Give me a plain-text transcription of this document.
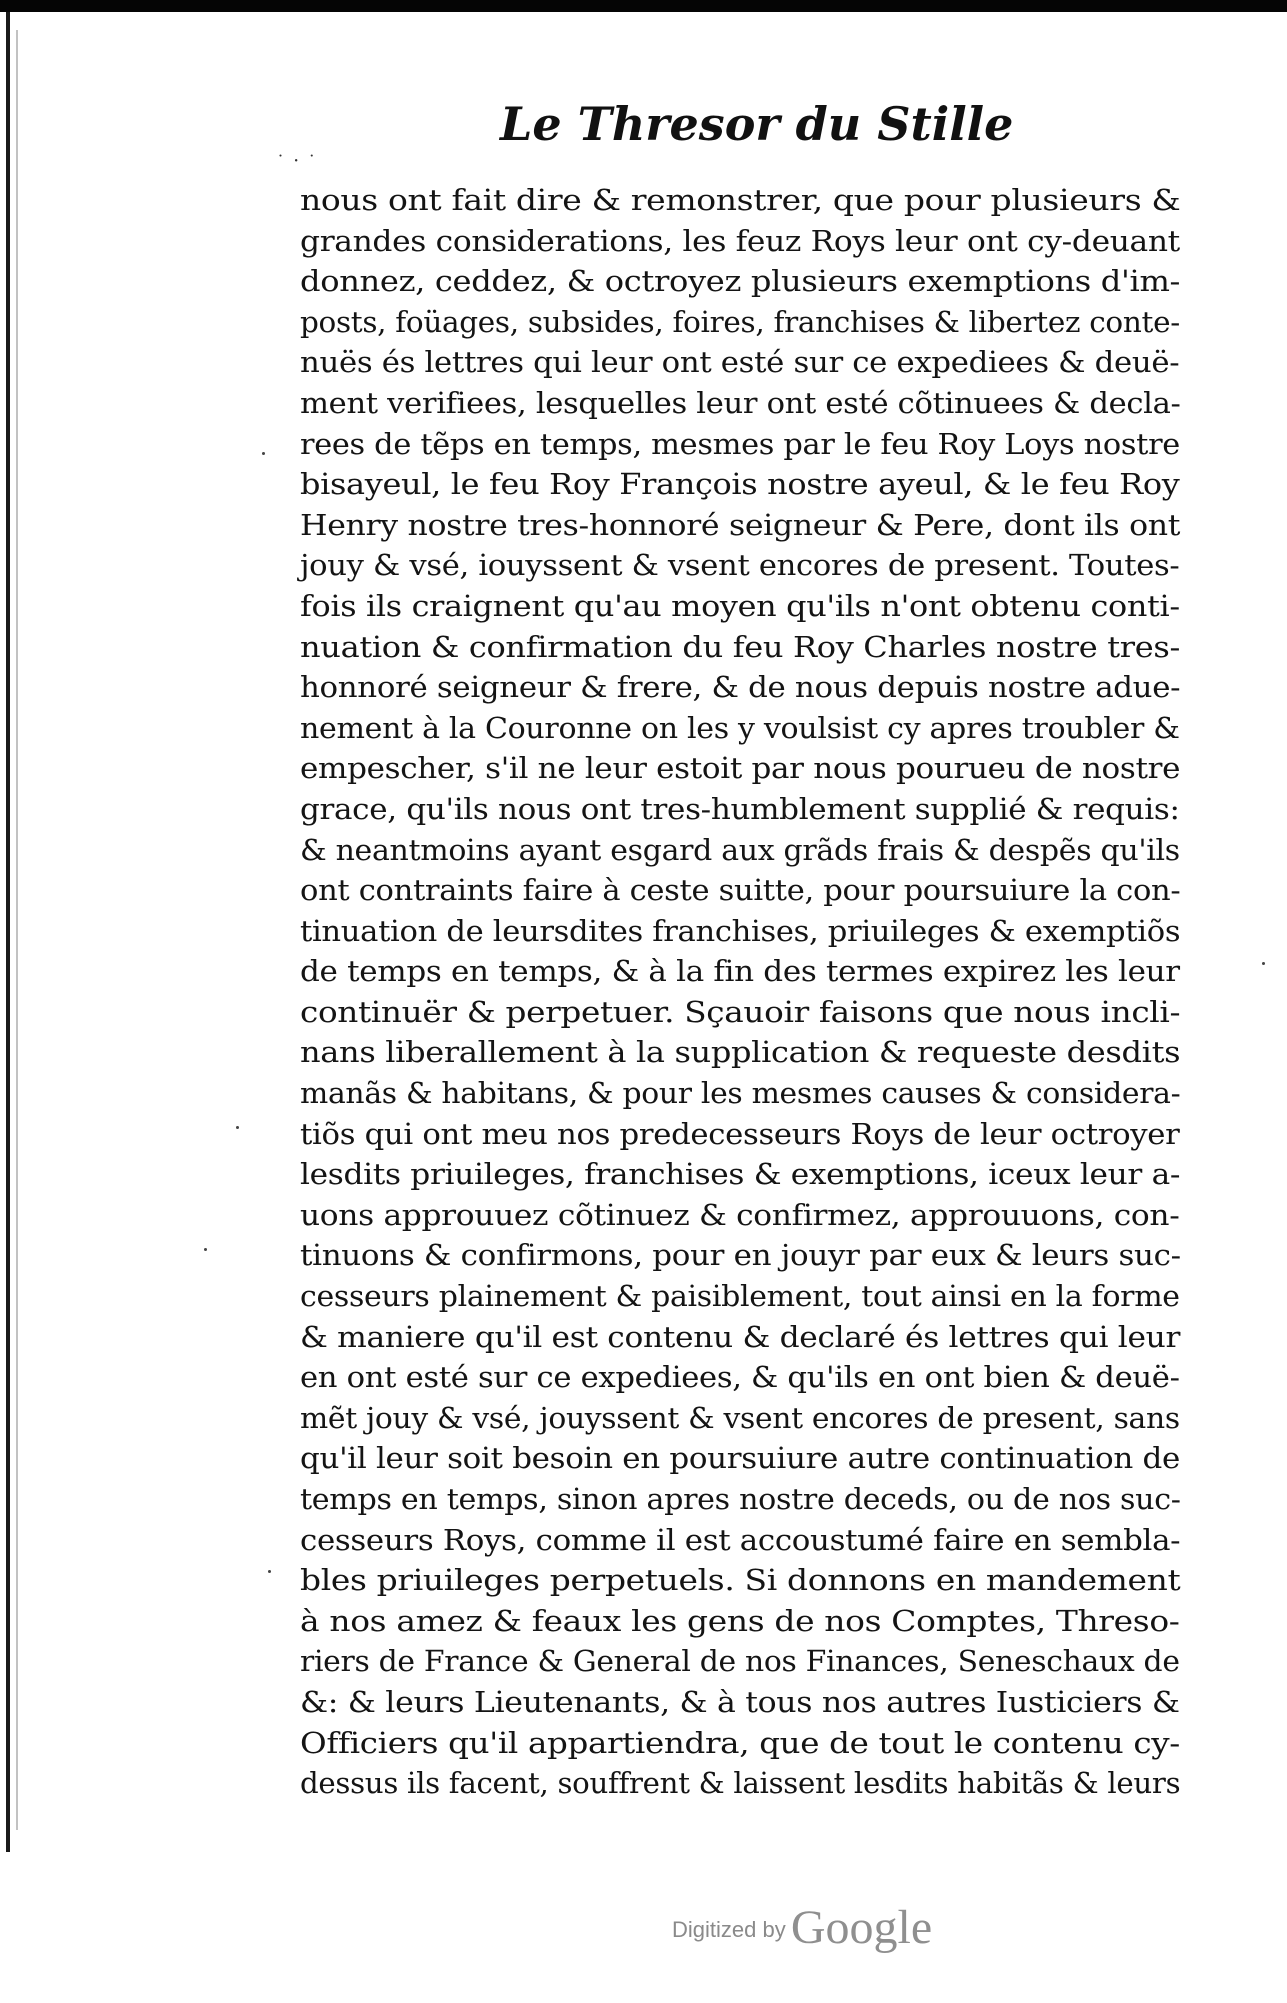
˙ ᛫ ˙
Le Thresor du Stille
nous ont fait dire & remonstrer, que pour plusieurs &
grandes considerations, les feuz Roys leur ont cy-deuant
donnez, ceddez, & octroyez plusieurs exemptions d'im-
posts, foüages, subsides, foires, franchises & libertez conte-
nuës és lettres qui leur ont esté sur ce expediees & deuë-
ment verifiees, lesquelles leur ont esté cõtinuees & decla-
rees de tẽps en temps, mesmes par le feu Roy Loys nostre
bisayeul, le feu Roy François nostre ayeul, & le feu Roy
Henry nostre tres-honnoré seigneur & Pere, dont ils ont
jouy & vsé, iouyssent & vsent encores de present. Toutes-
fois ils craignent qu'au moyen qu'ils n'ont obtenu conti-
nuation & confirmation du feu Roy Charles nostre tres-
honnoré seigneur & frere, & de nous depuis nostre adue-
nement à la Couronne on les y voulsist cy apres troubler &
empescher, s'il ne leur estoit par nous pourueu de nostre
grace, qu'ils nous ont tres-humblement supplié & requis:
& neantmoins ayant esgard aux grãds frais & despẽs qu'ils
ont contraints faire à ceste suitte, pour poursuiure la con-
tinuation de leursdites franchises, priuileges & exemptiõs
de temps en temps, & à la fin des termes expirez les leur
continuër & perpetuer. Sçauoir faisons que nous incli-
nans liberallement à la supplication & requeste desdits
manãs & habitans, & pour les mesmes causes & considera-
tiõs qui ont meu nos predecesseurs Roys de leur octroyer
lesdits priuileges, franchises & exemptions, iceux leur a-
uons approuuez cõtinuez & confirmez, approuuons, con-
tinuons & confirmons, pour en jouyr par eux & leurs suc-
cesseurs plainement & paisiblement, tout ainsi en la forme
& maniere qu'il est contenu & declaré és lettres qui leur
en ont esté sur ce expediees, & qu'ils en ont bien & deuë-
mẽt jouy & vsé, jouyssent & vsent encores de present, sans
qu'il leur soit besoin en poursuiure autre continuation de
temps en temps, sinon apres nostre deceds, ou de nos suc-
cesseurs Roys, comme il est accoustumé faire en sembla-
bles priuileges perpetuels. Si donnons en mandement
à nos amez & feaux les gens de nos Comptes, Threso-
riers de France & General de nos Finances, Seneschaux de
&: & leurs Lieutenants, & à tous nos autres Iusticiers &
Officiers qu'il appartiendra, que de tout le contenu cy-
dessus ils facent, souffrent & laissent lesdits habitãs & leurs
Digitized by Google
